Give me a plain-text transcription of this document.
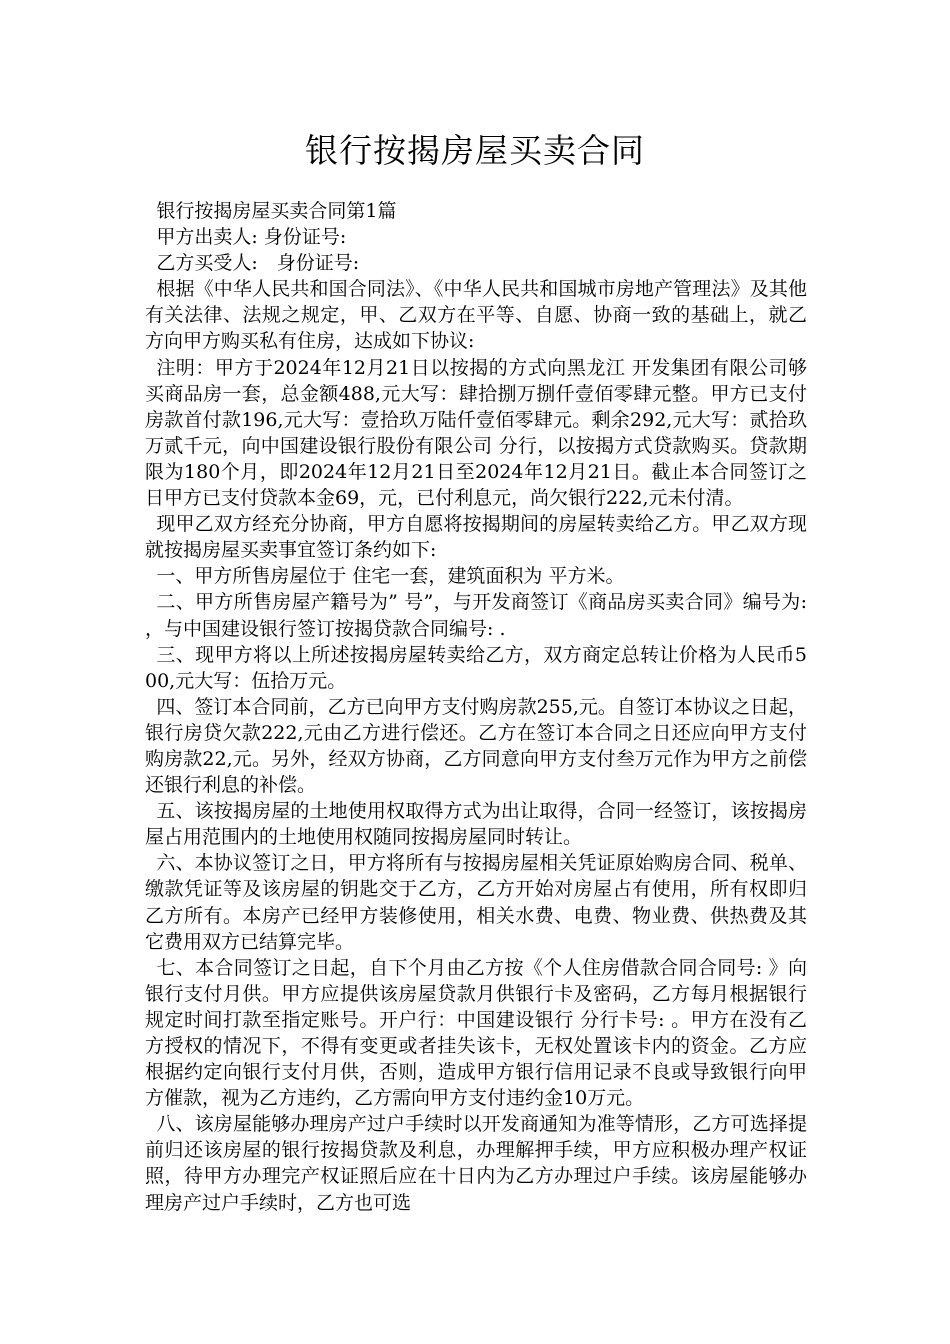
银行按揭房屋买卖合同

银行按揭房屋买卖合同第1篇

甲方出卖人: 身份证号:

乙方买受人:　身份证号:

根据《中华人民共和国合同法》、《中华人民共和国城市房地产管理法》及其他有关法律、法规之规定，甲、乙双方在平等、自愿、协商一致的基础上，就乙方向甲方购买私有住房，达成如下协议:

注明：甲方于2024年12月21日以按揭的方式向黑龙江 开发集团有限公司够买商品房一套，总金额488,元大写：肆拾捌万捌仟壹佰零肆元整。甲方已支付房款首付款196,元大写：壹拾玖万陆仟壹佰零肆元。剩余292,元大写：贰拾玖万贰千元，向中国建设银行股份有限公司 分行，以按揭方式贷款购买。贷款期限为180个月，即2024年12月21日至2024年12月21日。截止本合同签订之日甲方已支付贷款本金69，元，已付利息元，尚欠银行222,元未付清。

现甲乙双方经充分协商，甲方自愿将按揭期间的房屋转卖给乙方。甲乙双方现就按揭房屋买卖事宜签订条约如下:

一、甲方所售房屋位于 住宅一套，建筑面积为 平方米。

二、甲方所售房屋产籍号为” 号”，与开发商签订《商品房买卖合同》编号为: ，与中国建设银行签订按揭贷款合同编号: .

三、现甲方将以上所述按揭房屋转卖给乙方，双方商定总转让价格为人民币500,元大写：伍拾万元。

四、签订本合同前，乙方已向甲方支付购房款255,元。自签订本协议之日起，银行房贷欠款222,元由乙方进行偿还。乙方在签订本合同之日还应向甲方支付购房款22,元。另外，经双方协商，乙方同意向甲方支付叁万元作为甲方之前偿还银行利息的补偿。

五、该按揭房屋的土地使用权取得方式为出让取得，合同一经签订，该按揭房屋占用范围内的土地使用权随同按揭房屋同时转让。

六、本协议签订之日，甲方将所有与按揭房屋相关凭证原始购房合同、税单、缴款凭证等及该房屋的钥匙交于乙方，乙方开始对房屋占有使用，所有权即归乙方所有。本房产已经甲方装修使用，相关水费、电费、物业费、供热费及其它费用双方已结算完毕。

七、本合同签订之日起，自下个月由乙方按《个人住房借款合同合同号: 》向银行支付月供。甲方应提供该房屋贷款月供银行卡及密码，乙方每月根据银行规定时间打款至指定账号。开户行：中国建设银行 分行卡号: 。甲方在没有乙方授权的情况下，不得有变更或者挂失该卡，无权处置该卡内的资金。乙方应根据约定向银行支付月供，否则，造成甲方银行信用记录不良或导致银行向甲方催款，视为乙方违约，乙方需向甲方支付违约金10万元。

八、该房屋能够办理房产过户手续时以开发商通知为准等情形，乙方可选择提前归还该房屋的银行按揭贷款及利息，办理解押手续，甲方应积极办理产权证照，待甲方办理完产权证照后应在十日内为乙方办理过户手续。该房屋能够办理房产过户手续时，乙方也可选
